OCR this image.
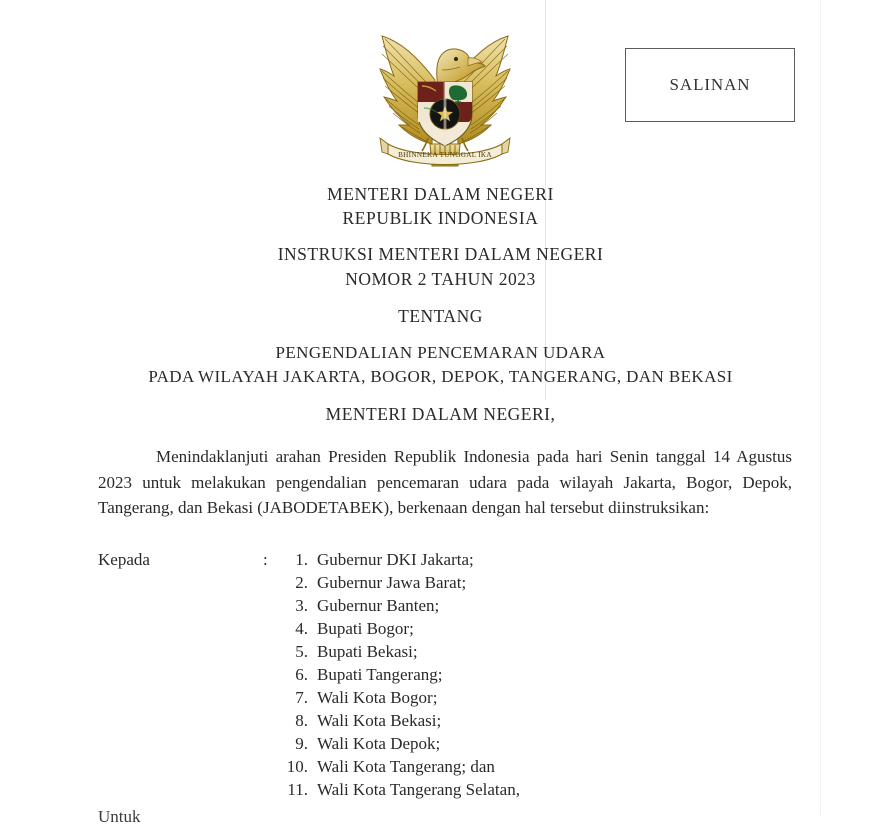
BHINNEKA TUNGGAL IKA
SALINAN
MENTERI DALAM NEGERI
REPUBLIK INDONESIA
INSTRUKSI MENTERI DALAM NEGERI
NOMOR 2 TAHUN 2023
TENTANG
PENGENDALIAN PENCEMARAN UDARA
PADA WILAYAH JAKARTA, BOGOR, DEPOK, TANGERANG, DAN BEKASI
MENTERI DALAM NEGERI,
Menindaklanjuti arahan Presiden Republik Indonesia pada hari Senin tanggal 14 Agustus 2023 untuk melakukan pengendalian pencemaran udara pada wilayah Jakarta, Bogor, Depok, Tangerang, dan Bekasi (JABODETABEK), berkenaan dengan hal tersebut diinstruksikan:
Kepada	:	1. Gubernur DKI Jakarta;
2. Gubernur Jawa Barat;
3. Gubernur Banten;
4. Bupati Bogor;
5. Bupati Bekasi;
6. Bupati Tangerang;
7. Wali Kota Bogor;
8. Wali Kota Bekasi;
9. Wali Kota Depok;
10. Wali Kota Tangerang; dan
11. Wali Kota Tangerang Selatan,
Untuk
